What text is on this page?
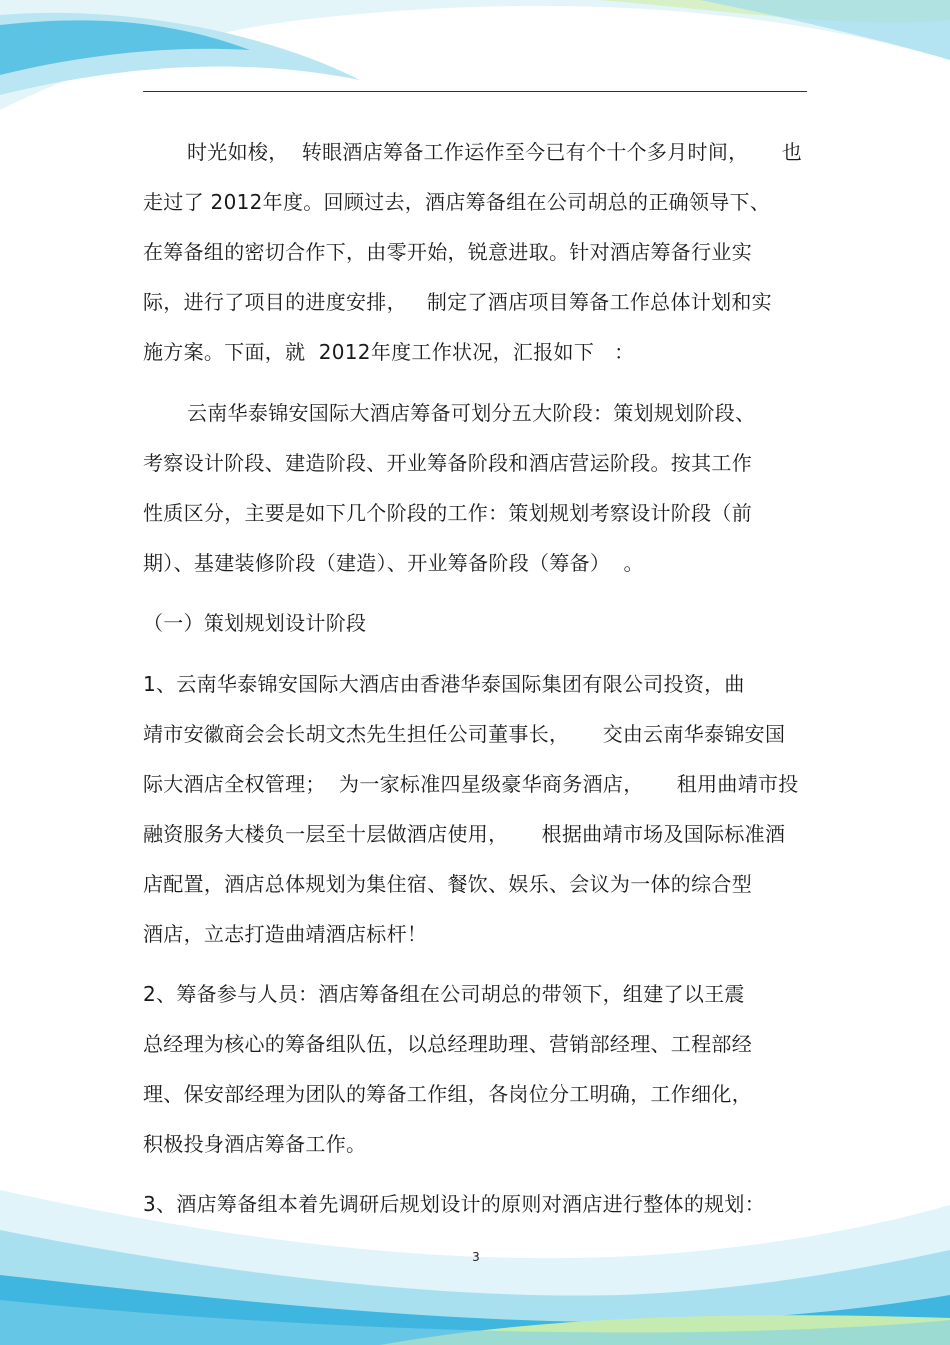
时光如梭，  转眼酒店筹备工作运作至今已有个十个多月时间，     也
走过了 2012年度。回顾过去，酒店筹备组在公司胡总的正确领导下、
在筹备组的密切合作下，由零开始，锐意进取。针对酒店筹备行业实
际，进行了项目的进度安排，   制定了酒店项目筹备工作总体计划和实
施方案。下面，就  2012年度工作状况，汇报如下   ：
云南华泰锦安国际大酒店筹备可划分五大阶段：策划规划阶段、
考察设计阶段、建造阶段、开业筹备阶段和酒店营运阶段。按其工作
性质区分，主要是如下几个阶段的工作：策划规划考察设计阶段（前
期）、基建装修阶段（建造）、开业筹备阶段（筹备）  。
（一）策划规划设计阶段
1、云南华泰锦安国际大酒店由香港华泰国际集团有限公司投资，曲
靖市安徽商会会长胡文杰先生担任公司董事长，     交由云南华泰锦安国
际大酒店全权管理；  为一家标准四星级豪华商务酒店，     租用曲靖市投
融资服务大楼负一层至十层做酒店使用，     根据曲靖市场及国际标准酒
店配置，酒店总体规划为集住宿、餐饮、娱乐、会议为一体的综合型
酒店，立志打造曲靖酒店标杆！
2、筹备参与人员：酒店筹备组在公司胡总的带领下，组建了以王震
总经理为核心的筹备组队伍，以总经理助理、营销部经理、工程部经
理、保安部经理为团队的筹备工作组，各岗位分工明确，工作细化，
积极投身酒店筹备工作。
3、酒店筹备组本着先调研后规划设计的原则对酒店进行整体的规划：
3
